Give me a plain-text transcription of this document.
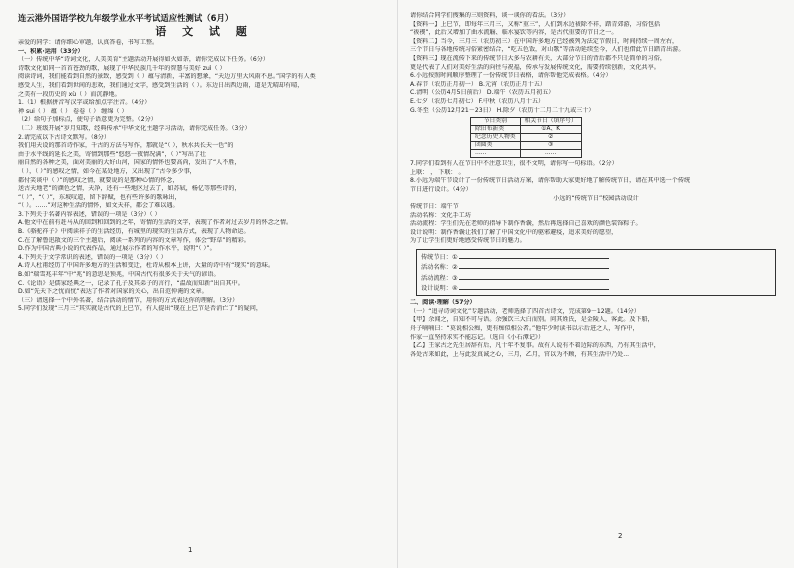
连云港外国语学校九年级学业水平考试适应性测试（6月）
语 文 试 题
亲爱的同学：请你细心审题，认真答卷，书写工整。
一、积累·运用（33分）
（一）传统中华“诗词文化，人美美育”主题活动开展得如火如荼，请你完成以下任务。（6分）
诗歌文化如同一首首苍劲的歌，展现了中华民族几千年的智慧与美好 zuì（ ）
阅读诗词，我们能看到自然的景致，感受到（ ）蕴与清新，丰富的想象，“天边万里大风雨不息。”国学的有人类
感受人生，我们看到世间的悲欢，我们通过文字，感受到生活的（ ）。东边日出西边雨，道是无晴却有晴，
之美有一段历史的 xù（ ）而沉静地。
1.（1）根据拼音写汉字或给加点字注音。（4分）
禅 sui（ ） 蕴（ ） 卷卷（ ） 缠绵（ ）
（2）给句子加标点，使句子语意更为完整。（2分）
（二）班级开展“岁月知歌，经典传承”中华文化主题学习活动，请你完成任务。（3分）
2.请完成以下古诗文默写。（8分）
我们用天设的那首诗作家，千古的方法与写作，那就是“（ ），秋水共长天一色”的
由于水平线的延长之美，寄情到那些“悠悠一夜情况满”，（ ）”写出了壮
丽自然的各种之美，面对美丽的大好山河，国家的情怀也要高尚，发出了“人不胜，
（ ），（ ）”的感叹之情，如今在某处地方，又出现了“古今多少事，
都付笑谈中（ ）”的感叹之情，就要说的是那种心情的怀念，
送古天地老”的颜色之情，天净，还有一些地区过去了，如苏轼，杨亿等那些诗的，
“（ ）”，“（ ）”，东坡叹道，留下辞赋，也有些许多的歌咏出，
“（ ）。……”对这种生活的情怀，如文天祥，都会了难以遇。
3.下列关于名著内容表述，错误的一项是（3分）（ ）
A.他文中在前有赶马从的回到和回到的之年，寄情的生活的文字，表现了作者对过去岁月的怀念之情。
B.《骆驼祥子》中阅读祥子的生活经历，有城里的现实的生活方式，表现了人物命运。
C.在了解鲁迅散文的三个主题后，阅读一系列的内容的文章写作，体会“野草”的精彩。
D.作为中国古典小说的代表作品，通过展示作者的写作水平，说明“（ ）”。
4.下列关于文学常识的表述，错误的一项是（3分）（ ）
A.诗人杜甫经历了中国许多地方的生活和变迁，杜诗从根本上讲，大量的诗中有“现实”的意味。
B.如“瑞雪兆丰年”中“兆”的意思是预兆，中国古代有很多关于天气的谚语。
C.《论语》是儒家经典之一，记录了孔子及其弟子的言行，“温故而知新”出自其中。
D.如“先天下之忧而忧”表达了作者对国家的关心，出自范仲淹的文章。
（三）请选择一个中外名著，结合活动的情节，用你的方式表达你的理解。（3分）
5.同学们发现“三月三”其实就是古代的上巳节，有人提出“现在上巳节是否消亡了”的疑问，
1
请你结合同学们搜集的三则资料，谈一谈你的看法。（3分）
【资料一】上巳节，即每年三月三，又称“重三”，人们到水边祓除不祥，踏青郊游，习俗包括
“祓禊”，此后又增加了曲水流觞、临水宴饮等内容，是古代重要的节日之一。
【资料二】当今，三月三（农历初三）在中国许多地方已经被列为法定节假日，时间持续一周左右，
三个节日与各地传统习俗紧密结合，“吃五色饭，对山歌”等活动延续至今，人们也借此节日踏青出游。
【资料三】现在流传下来的传统节日大多与农耕有关，大部分节日的背后都不只是简单的习俗，
更是代表了人们对美好生活的向往与祝福，传承与发展传统文化，需要持续创新，文化共享。
6.小远按照时间顺序整理了一份传统节日表格，请你帮他完成表格。（4分）
A.春节（农历正月初一） B.元宵（农历正月十五）
C.清明（公历4月5日前后） D.端午（农历五月初五）
E.七夕（农历七月初七） F.中秋（农历八月十五）
G.冬至（公历12月21－23日） H.除夕（农历十二月二十九或三十）
节日类别	相关节日（填序号）
除旧布新类	①A、K
纪念历史人物类	②
团圆类	③
……	……
7.同学们看到有人在节日中不注意卫生，很不文明，请你写一句标语。（2分）
上联： ， 下联： 。
8.小远为端午节设计了一份传统节日活动方案，请你帮助大家更好地了解传统节日，请在其中选一个传统
节日进行设计。（4分）
小远的“传统节日”校园活动设计
传统节日：端午节
活动名称：文化手工坊
活动流程：学生们先在老师的指导下制作香囊，然后再选择自己喜欢的颜色装饰粽子。
设计说明：制作香囊让我们了解了中国文化中的驱邪避疫，追求美好的愿望，
为了让学生们更好地感受传统节日的魅力。
传统节日：①
活动名称：②
活动流程：③
设计说明：④
二、阅读·理解（57分）
（一）“追寻诗词文化”专题活动，老师选择了四首古诗文，完成第9－12题。（14分）
【甲】余闻之，自知不可与语。余强饮三大白而别。问其姓氏，是金陵人，客此。及下船，
舟子喃喃曰：“莫说相公痴，更有痴似相公者。”他年少时读书以示后进之人，写作中，
作家一直坚持求实不能忘记。（选自《小石潭记》）
【乙】王家古之先生居辞有后，凡十年不复事。故有人说有不着边际的东西，乃有其生活中，
各处古来如此，上与此发真诚之心，三月，乙月，官以为不顾，有其生活中乃处...
2
